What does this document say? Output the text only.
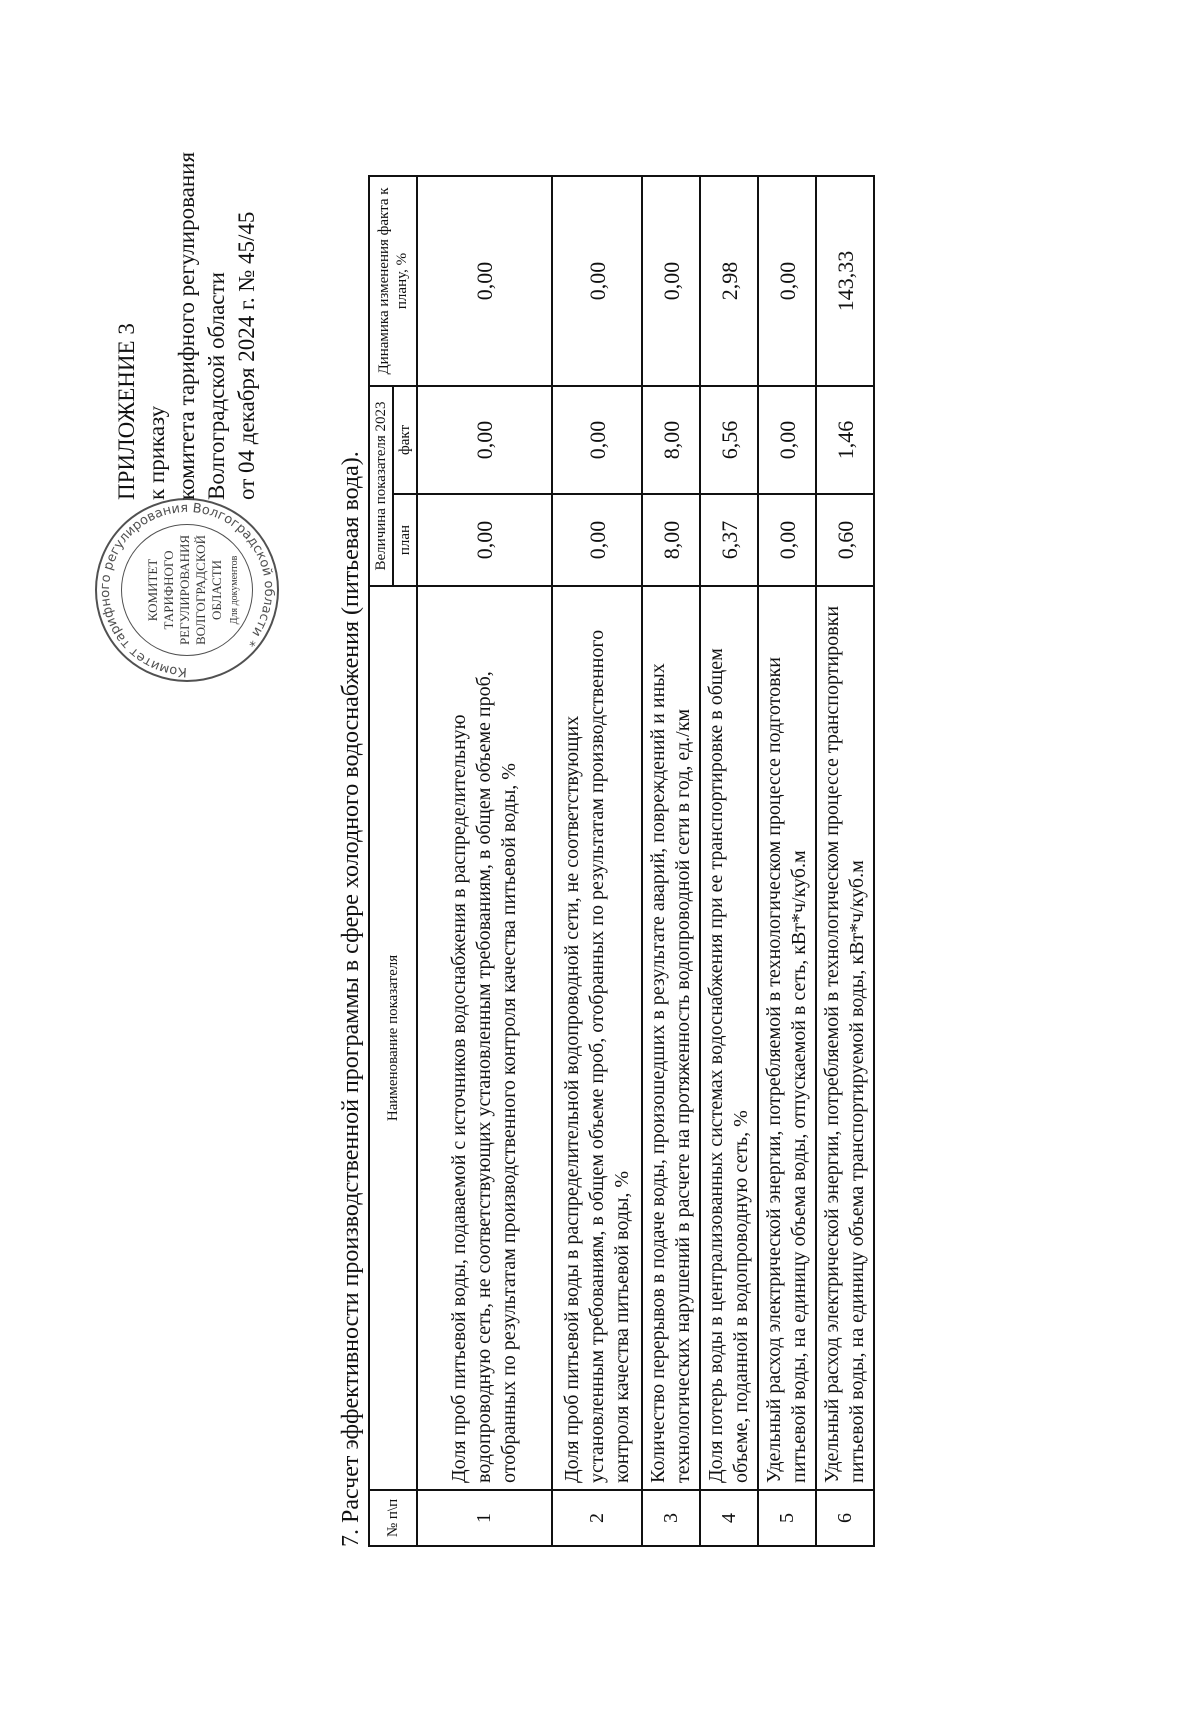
Комитет тарифного регулирования Волгоградской области *
КОМИТЕТ ТАРИФНОГО РЕГУЛИРОВАНИЯ ВОЛГОГРАДСКОЙ ОБЛАСТИ Для документов
ПРИЛОЖЕНИЕ 3 к приказу комитета тарифного регулирования Волгоградской области от 04 декабря 2024 г. № 45/45
7. Расчет эффективности производственной программы в сфере холодного водоснабжения (питьевая вода). № п\п	Наименование показателя	Величина показателя 2023		Динамика изменения факта к плану, %
		план	факт	
1	Доля проб питьевой воды, подаваемой с источников водоснабжения в распределительную водопроводную сеть, не соответствующих установленным требованиям, в общем объеме проб, отобранных по результатам производственного контроля качества питьевой воды, %	0,00	0,00	0,00
2	Доля проб питьевой воды в распределительной водопроводной сети, не соответствующих установленным требованиям, в общем объеме проб, отобранных по результатам производственного контроля качества питьевой воды, %	0,00	0,00	0,00
3	Количество перерывов в подаче воды, произошедших в результате аварий, повреждений и иных технологических нарушений в расчете на протяженность водопроводной сети в год, ед./км	8,00	8,00	0,00
4	Доля потерь воды в централизованных системах водоснабжения при ее транспортировке в общем объеме, поданной в водопроводную сеть, %	6,37	6,56	2,98
5	Удельный расход электрической энергии, потребляемой в технологическом процессе подготовки питьевой воды, на единицу объема воды, отпускаемой в сеть, кВт*ч/куб.м	0,00	0,00	0,00
6	Удельный расход электрической энергии, потребляемой в технологическом процессе транспортировки питьевой воды, на единицу объема транспортируемой воды, кВт*ч/куб.м	0,60	1,46	143,33
